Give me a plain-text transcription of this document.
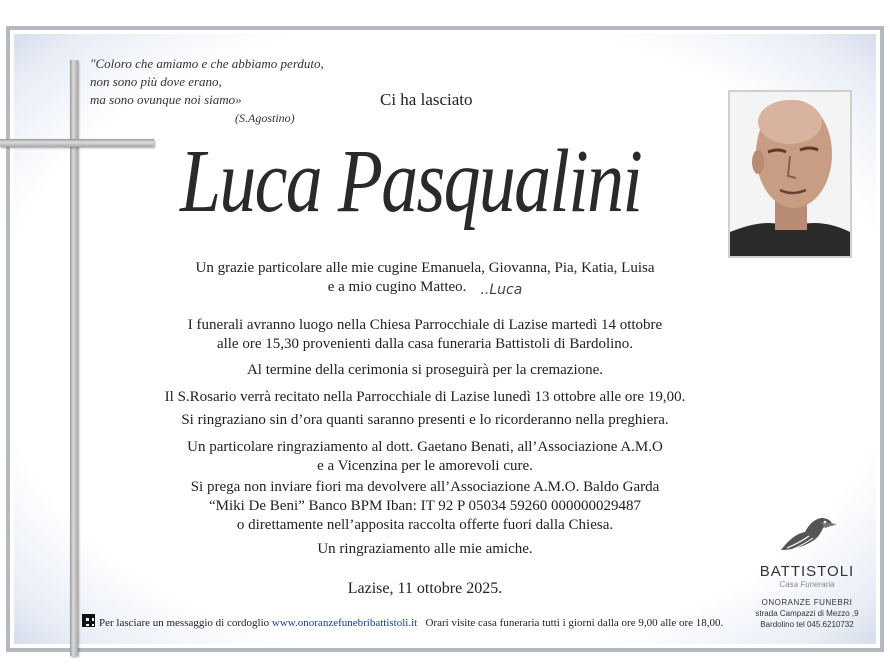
"Coloro che amiamo e che abbiamo perduto,
non sono più dove erano,
ma sono ovunque noi siamo»
(S.Agostino)
Ci ha lasciato
Luca Pasqualini
Un grazie particolare alle mie cugine Emanuela, Giovanna, Pia, Katia, Luisa
e a mio cugino Matteo. ..Luca
I funerali avranno luogo nella Chiesa Parrocchiale di Lazise martedì 14 ottobre
alle ore 15,30 provenienti dalla casa funeraria Battistoli di Bardolino.
Al termine della cerimonia si proseguirà per la cremazione.
Il S.Rosario verrà recitato nella Parrocchiale di Lazise lunedì 13 ottobre alle ore 19,00.
Si ringraziano sin d’ora quanti saranno presenti e lo ricorderanno nella preghiera.
Un particolare ringraziamento al dott. Gaetano Benati, all’Associazione A.M.O
e a Vicenzina per le amorevoli cure.
Si prega non inviare fiori ma devolvere all’Associazione A.M.O. Baldo Garda
“Miki De Beni” Banco BPM Iban: IT 92 P 05034 59260 000000029487
o direttamente nell’apposita raccolta offerte fuori dalla Chiesa.
Un ringraziamento alle mie amiche.
Lazise, 11 ottobre 2025.
Per lasciare un messaggio di cordoglio www.onoranzefunebribattistoli.it Orari visite casa funeraria tutti i giorni dalla ore 9,00 alle ore 18,00.
BATTISTOLI
Casa Funeraria
ONORANZE FUNEBRI
strada Campazzi di Mezzo ,9
Bardolino tel 045.6210732
